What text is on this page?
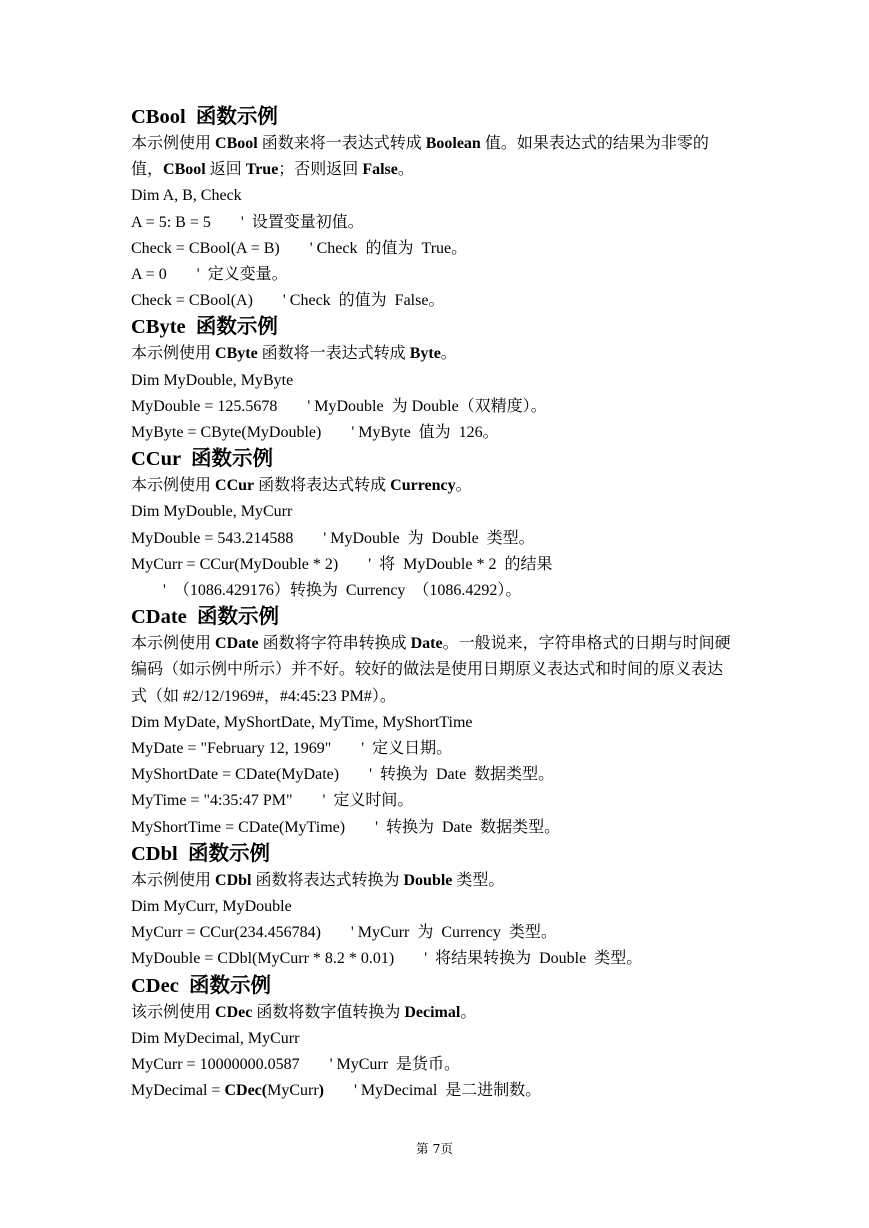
CBool  函数示例
本示例使用 CBool 函数来将一表达式转成 Boolean 值。如果表达式的结果为非零的值，CBool 返回 True；否则返回 False。
Dim A, B, Check
A = 5: B = 5 '  设置变量初值。
Check = CBool(A = B) ' Check  的值为  True。
A = 0 '  定义变量。
Check = CBool(A) ' Check  的值为  False。
CByte  函数示例
本示例使用 CByte 函数将一表达式转成 Byte。
Dim MyDouble, MyByte
MyDouble = 125.5678 ' MyDouble  为 Double（双精度）。
MyByte = CByte(MyDouble) ' MyByte  值为  126。
CCur  函数示例
本示例使用 CCur 函数将表达式转成 Currency。
Dim MyDouble, MyCurr
MyDouble = 543.214588 ' MyDouble  为  Double  类型。
MyCurr = CCur(MyDouble * 2) '  将  MyDouble * 2  的结果
'  （1086.429176）转换为  Currency  （1086.4292）。
CDate  函数示例
本示例使用 CDate 函数将字符串转换成 Date。一般说来，字符串格式的日期与时间硬编码（如示例中所示）并不好。较好的做法是使用日期原义表达式和时间的原义表达式（如 #2/12/1969#，#4:45:23 PM#）。
Dim MyDate, MyShortDate, MyTime, MyShortTime
MyDate = "February 12, 1969" '  定义日期。
MyShortDate = CDate(MyDate) '  转换为  Date  数据类型。
MyTime = "4:35:47 PM" '  定义时间。
MyShortTime = CDate(MyTime) '  转换为  Date  数据类型。
CDbl  函数示例
本示例使用 CDbl 函数将表达式转换为 Double 类型。
Dim MyCurr, MyDouble
MyCurr = CCur(234.456784) ' MyCurr  为  Currency  类型。
MyDouble = CDbl(MyCurr * 8.2 * 0.01) '  将结果转换为  Double  类型。
CDec  函数示例
该示例使用 CDec 函数将数字值转换为 Decimal。
Dim MyDecimal, MyCurr
MyCurr = 10000000.0587 ' MyCurr  是货币。
MyDecimal = CDec(MyCurr) ' MyDecimal  是二进制数。
第 7页
